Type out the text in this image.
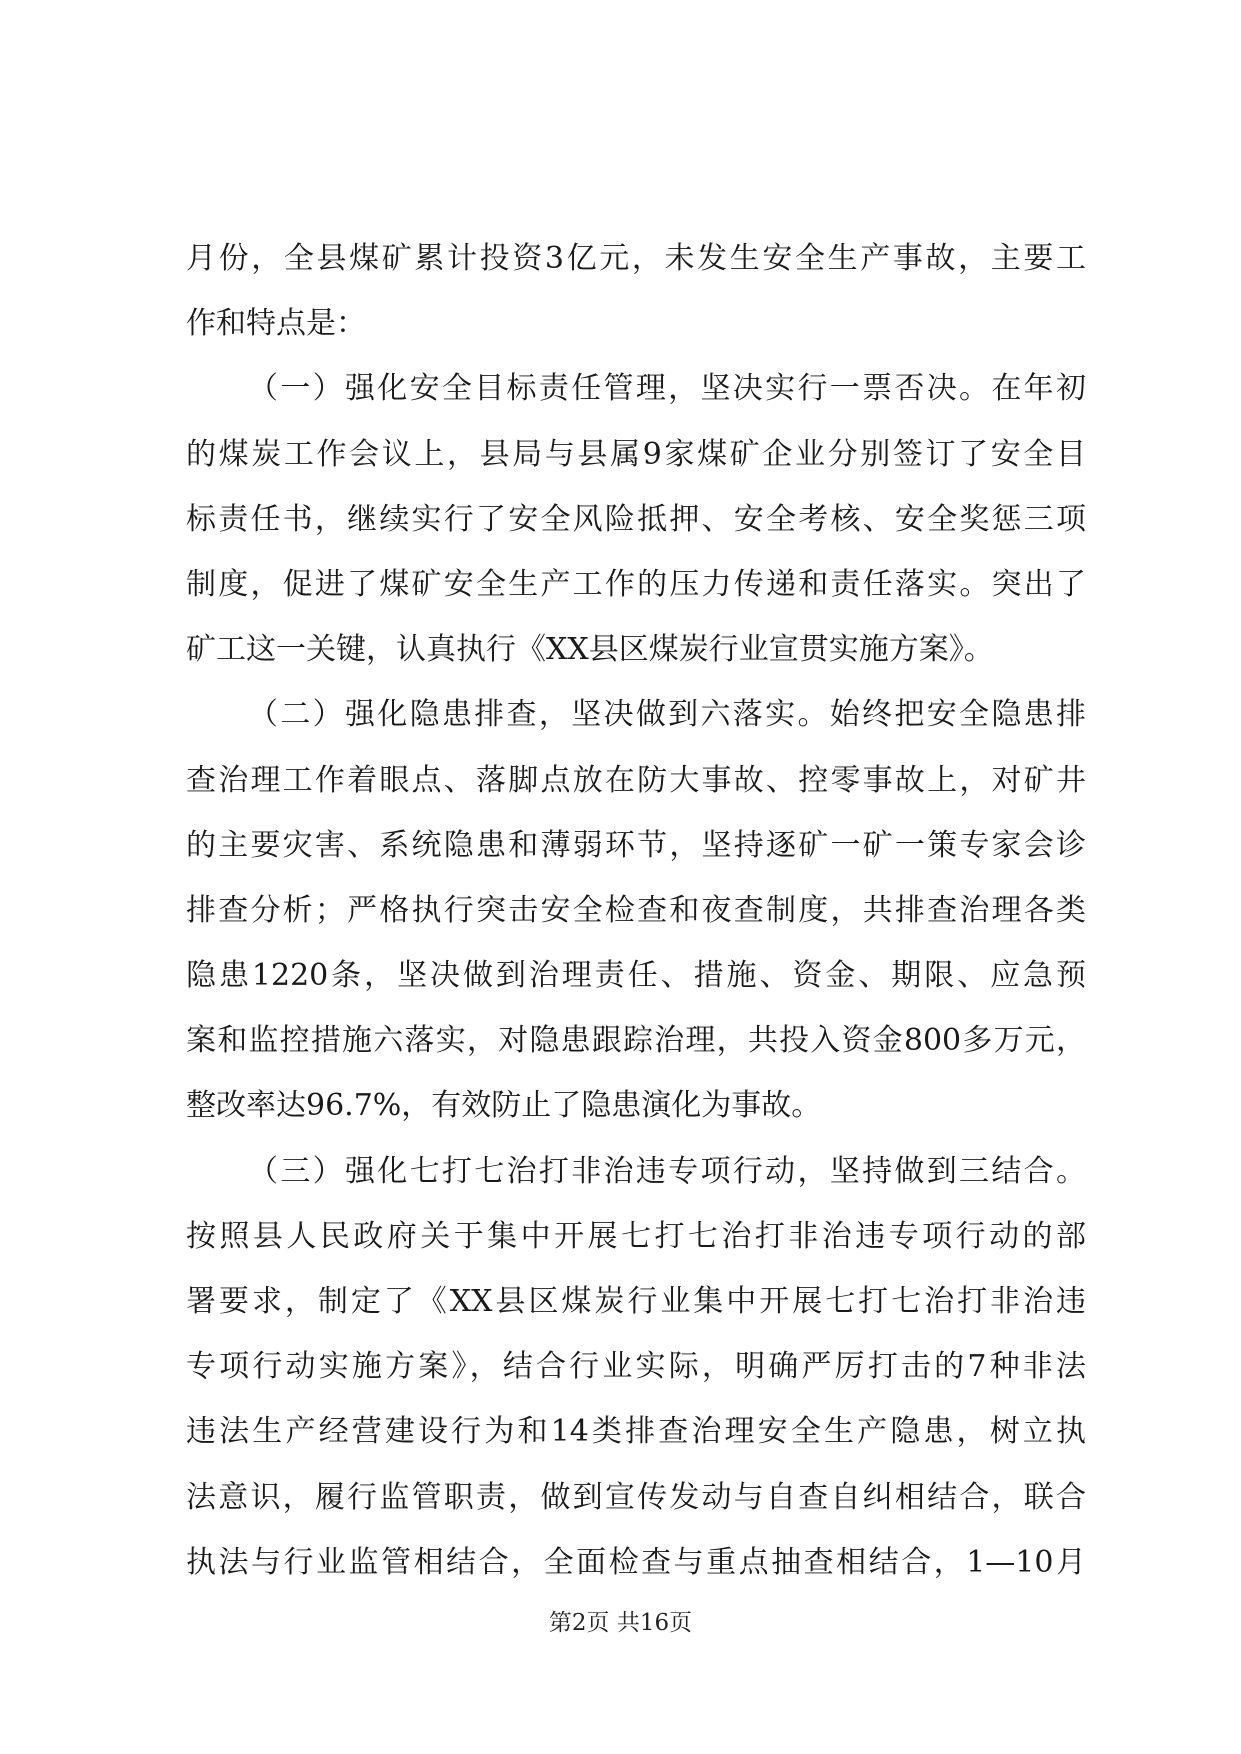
月份，全县煤矿累计投资3亿元，未发生安全生产事故，主要工
作和特点是：
（一）强化安全目标责任管理，坚决实行一票否决。在年初
的煤炭工作会议上，县局与县属9家煤矿企业分别签订了安全目
标责任书，继续实行了安全风险抵押、安全考核、安全奖惩三项
制度，促进了煤矿安全生产工作的压力传递和责任落实。突出了
矿工这一关键，认真执行《XX县区煤炭行业宣贯实施方案》。
（二）强化隐患排查，坚决做到六落实。始终把安全隐患排
查治理工作着眼点、落脚点放在防大事故、控零事故上，对矿井
的主要灾害、系统隐患和薄弱环节，坚持逐矿一矿一策专家会诊
排查分析；严格执行突击安全检查和夜查制度，共排查治理各类
隐患1220条，坚决做到治理责任、措施、资金、期限、应急预
案和监控措施六落实，对隐患跟踪治理，共投入资金800多万元，
整改率达96.7%，有效防止了隐患演化为事故。
（三）强化七打七治打非治违专项行动，坚持做到三结合。
按照县人民政府关于集中开展七打七治打非治违专项行动的部
署要求，制定了《XX县区煤炭行业集中开展七打七治打非治违
专项行动实施方案》，结合行业实际，明确严厉打击的7种非法
违法生产经营建设行为和14类排查治理安全生产隐患，树立执
法意识，履行监管职责，做到宣传发动与自查自纠相结合，联合
执法与行业监管相结合，全面检查与重点抽查相结合，1—10月
第2页 共16页
